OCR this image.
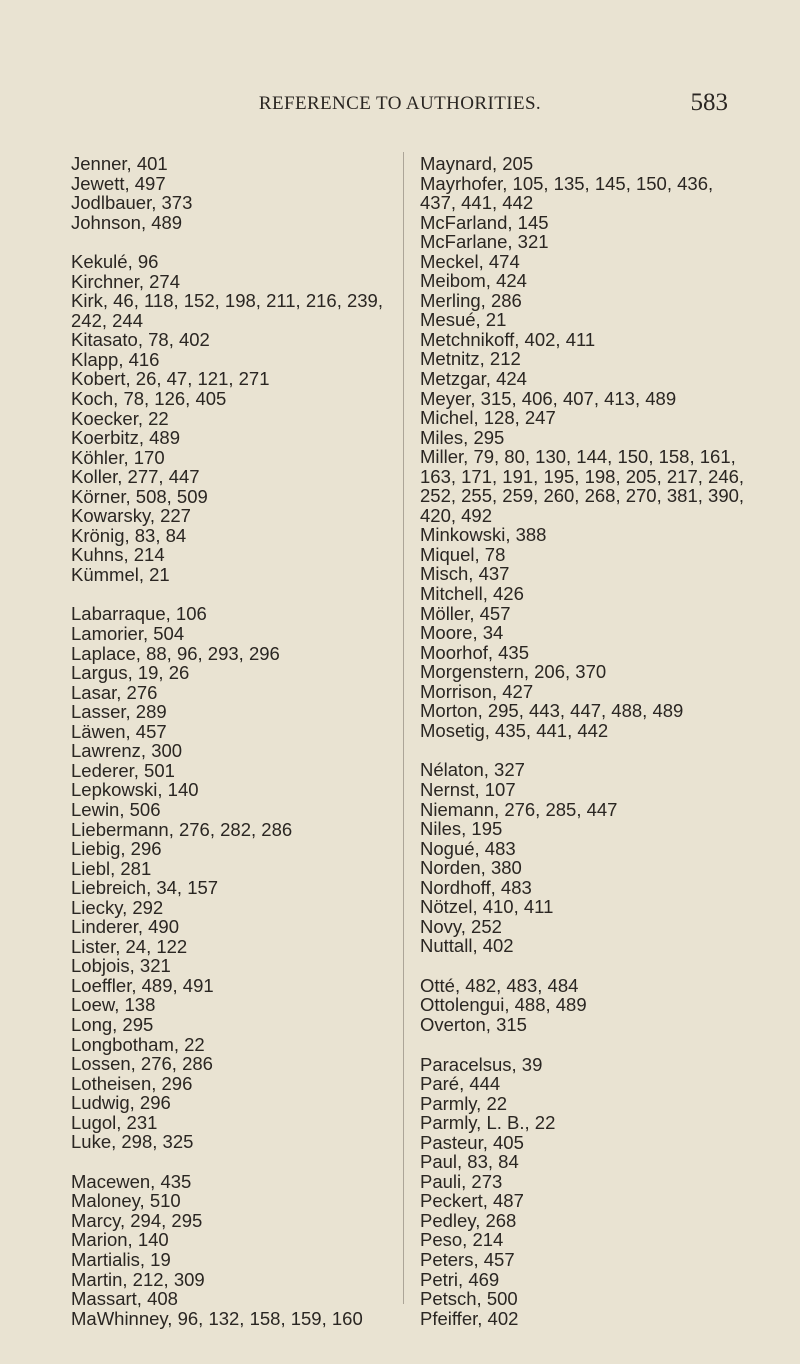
REFERENCE TO AUTHORITIES.	583
Jenner, 401
Jewett, 497
Jodlbauer, 373
Johnson, 489
Kekulé, 96
Kirchner, 274
Kirk, 46, 118, 152, 198, 211, 216, 239,
242, 244
Kitasato, 78, 402
Klapp, 416
Kobert, 26, 47, 121, 271
Koch, 78, 126, 405
Koecker, 22
Koerbitz, 489
Köhler, 170
Koller, 277, 447
Körner, 508, 509
Kowarsky, 227
Krönig, 83, 84
Kuhns, 214
Kümmel, 21
Labarraque, 106
Lamorier, 504
Laplace, 88, 96, 293, 296
Largus, 19, 26
Lasar, 276
Lasser, 289
Läwen, 457
Lawrenz, 300
Lederer, 501
Lepkowski, 140
Lewin, 506
Liebermann, 276, 282, 286
Liebig, 296
Liebl, 281
Liebreich, 34, 157
Liecky, 292
Linderer, 490
Lister, 24, 122
Lobjois, 321
Loeffler, 489, 491
Loew, 138
Long, 295
Longbotham, 22
Lossen, 276, 286
Lotheisen, 296
Ludwig, 296
Lugol, 231
Luke, 298, 325
Macewen, 435
Maloney, 510
Marcy, 294, 295
Marion, 140
Martialis, 19
Martin, 212, 309
Massart, 408
MaWhinney, 96, 132, 158, 159, 160
Maynard, 205
Mayrhofer, 105, 135, 145, 150, 436,
437, 441, 442
McFarland, 145
McFarlane, 321
Meckel, 474
Meibom, 424
Merling, 286
Mesué, 21
Metchnikoff, 402, 411
Metnitz, 212
Metzgar, 424
Meyer, 315, 406, 407, 413, 489
Michel, 128, 247
Miles, 295
Miller, 79, 80, 130, 144, 150, 158, 161,
163, 171, 191, 195, 198, 205, 217, 246,
252, 255, 259, 260, 268, 270, 381, 390,
420, 492
Minkowski, 388
Miquel, 78
Misch, 437
Mitchell, 426
Möller, 457
Moore, 34
Moorhof, 435
Morgenstern, 206, 370
Morrison, 427
Morton, 295, 443, 447, 488, 489
Mosetig, 435, 441, 442
Nélaton, 327
Nernst, 107
Niemann, 276, 285, 447
Niles, 195
Nogué, 483
Norden, 380
Nordhoff, 483
Nötzel, 410, 411
Novy, 252
Nuttall, 402
Otté, 482, 483, 484
Ottolengui, 488, 489
Overton, 315
Paracelsus, 39
Paré, 444
Parmly, 22
Parmly, L. B., 22
Pasteur, 405
Paul, 83, 84
Pauli, 273
Peckert, 487
Pedley, 268
Peso, 214
Peters, 457
Petri, 469
Petsch, 500
Pfeiffer, 402
